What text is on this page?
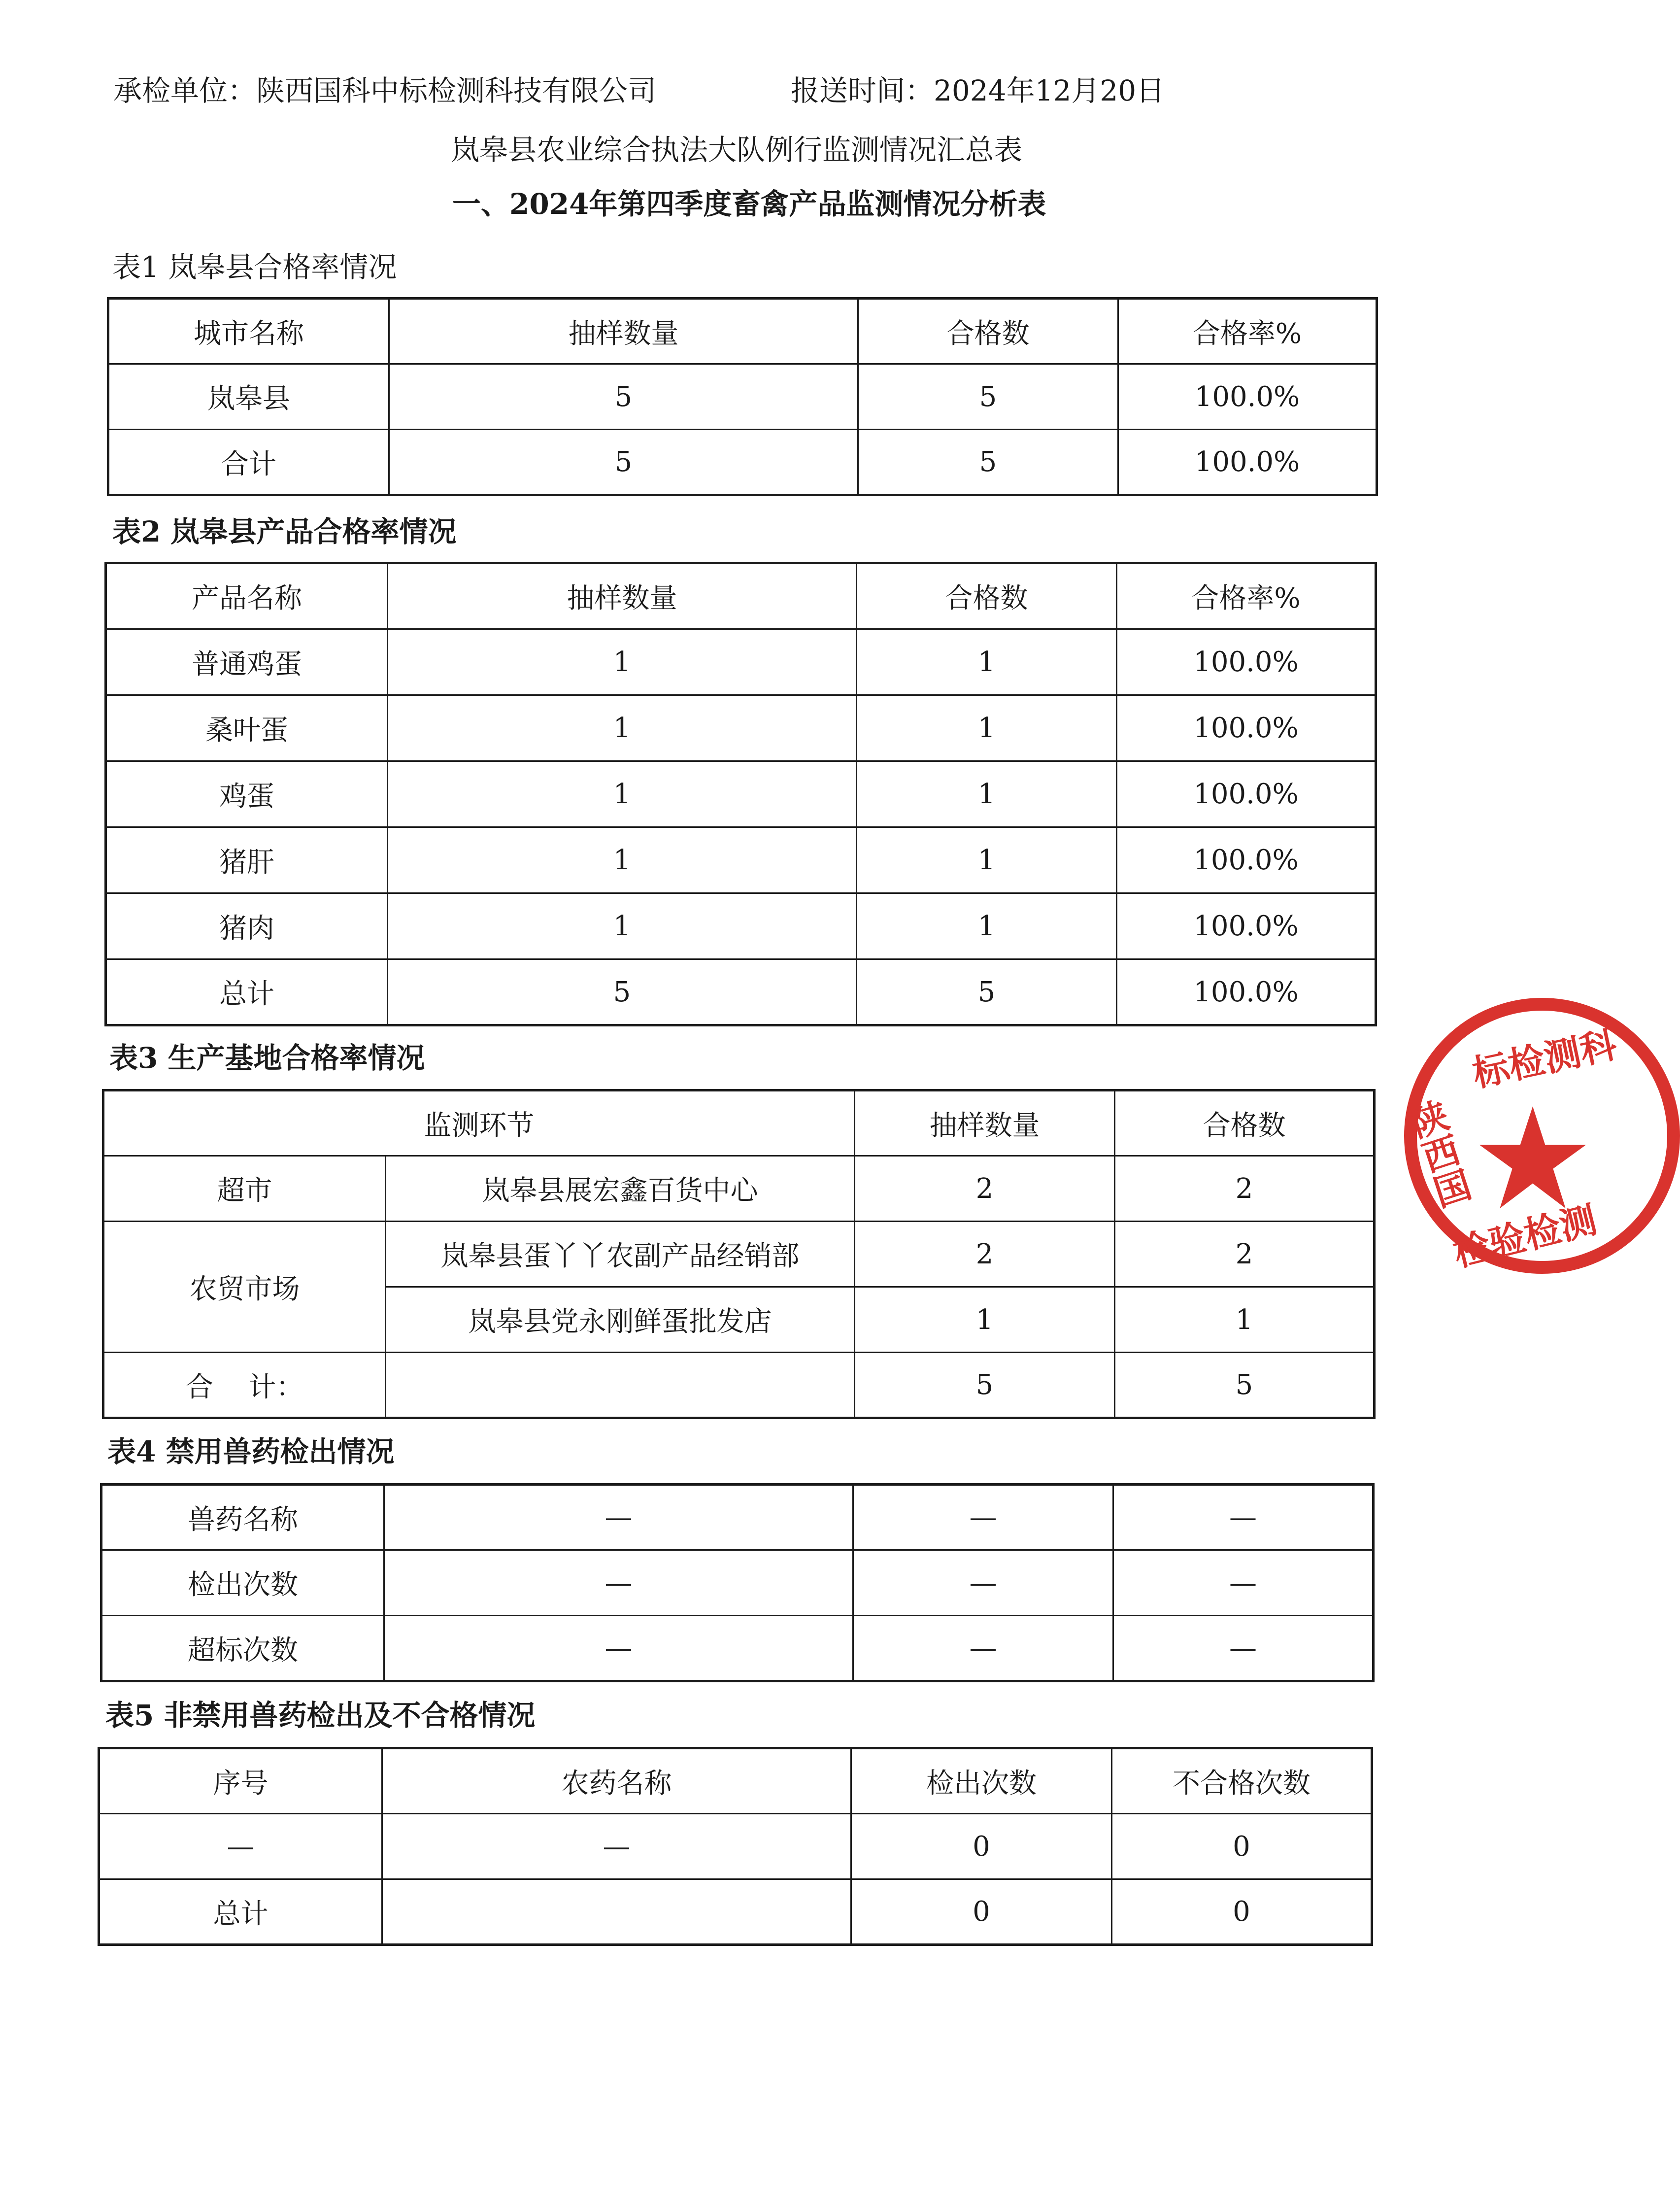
承检单位：陕西国科中标检测科技有限公司	报送时间：2024年12月20日
岚皋县农业综合执法大队例行监测情况汇总表
一、2024年第四季度畜禽产品监测情况分析表
表1 岚皋县合格率情况
城市名称	抽样数量	合格数	合格率%
岚皋县	5	5	100.0%
合计	5	5	100.0%
表2 岚皋县产品合格率情况
产品名称	抽样数量	合格数	合格率%
普通鸡蛋	1	1	100.0%
桑叶蛋	1	1	100.0%
鸡蛋	1	1	100.0%
猪肝	1	1	100.0%
猪肉	1	1	100.0%
总计	5	5	100.0%
表3 生产基地合格率情况
监测环节		抽样数量	合格数
超市	岚皋县展宏鑫百货中心	2	2
农贸市场	岚皋县蛋丫丫农副产品经销部	2	2
	岚皋县党永刚鲜蛋批发店	1	1
合    计：		5	5
表4 禁用兽药检出情况
兽药名称	—	—	—
检出次数	—	—	—
超标次数	—	—	—
表5 非禁用兽药检出及不合格情况
序号	农药名称	检出次数	不合格次数
—	—	0	0
总计		0	0
标检测科
陕西国
检验检测
